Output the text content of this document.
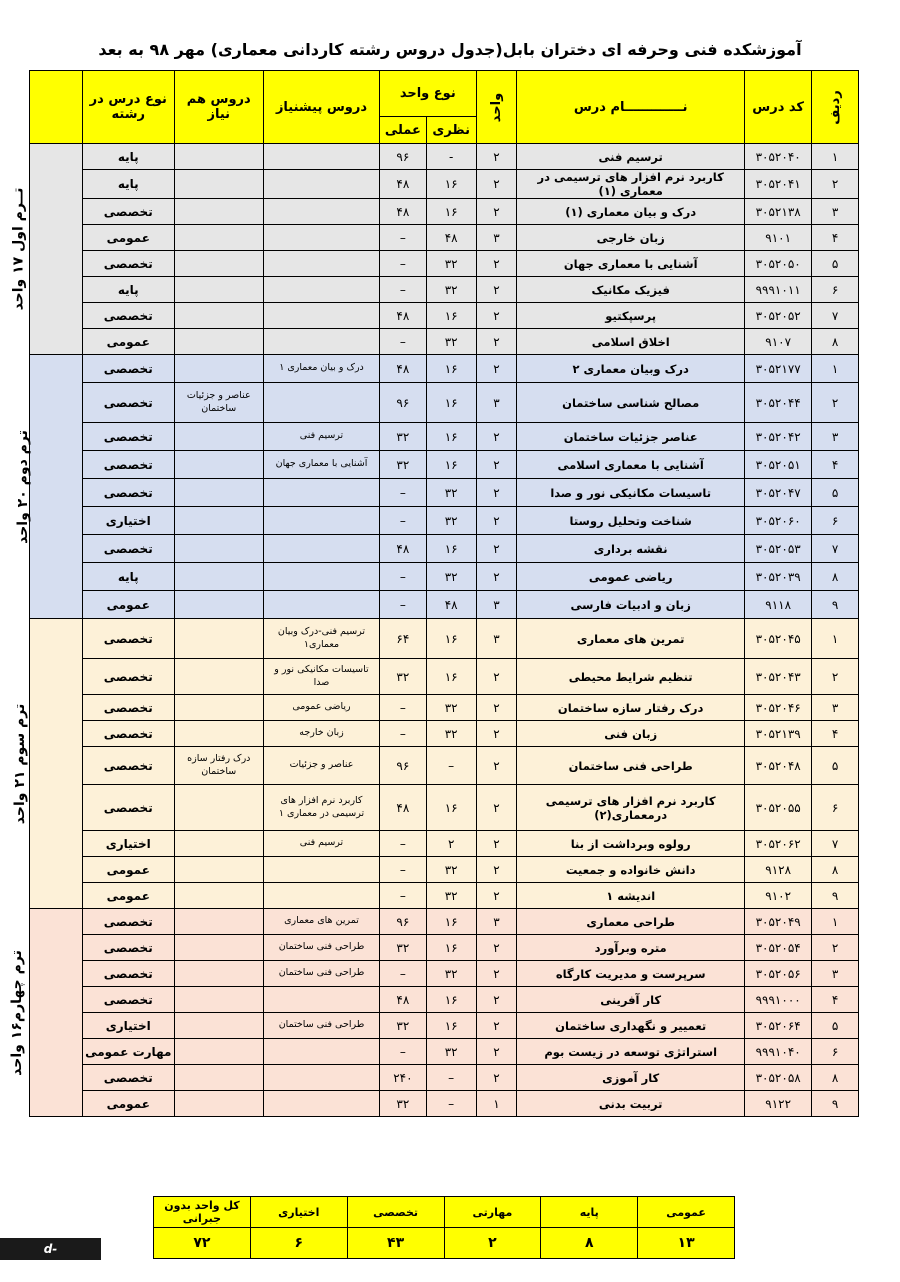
آموزشکده فنی وحرفه ای دختران بابل(جدول دروس رشته کاردانی معماری) مهر ۹۸ به بعد
ردیف	کد درس	نـــــــــــــام درس	واحد	نوع واحد		دروس پیشنیاز	دروس هم نیاز	نوع درس در رشته	
				نظری	عملی				
۱	۳۰۵۲۰۴۰	ترسیم فنی	۲	-	۹۶			پایه	تــرم اول ۱۷ واحد
۲	۳۰۵۲۰۴۱	کاربرد نرم افزار های ترسیمی در معماری (۱)	۲	۱۶	۴۸			پایه	
۳	۳۰۵۲۱۳۸	درک و بیان معماری (۱)	۲	۱۶	۴۸			تخصصی	
۴	۹۱۰۱	زبان خارجی	۳	۴۸	–			عمومی	
۵	۳۰۵۲۰۵۰	آشنایی با معماری جهان	۲	۳۲	–			تخصصی	
۶	۹۹۹۱۰۱۱	فیزیک مکانیک	۲	۳۲	–			پایه	
۷	۳۰۵۲۰۵۲	پرسپکتیو	۲	۱۶	۴۸			تخصصی	
۸	۹۱۰۷	اخلاق اسلامی	۲	۳۲	–			عمومی	
۱	۳۰۵۲۱۷۷	درک وبیان معماری ۲	۲	۱۶	۴۸	درک و بیان معماری ۱		تخصصی	ترم دوم ۲۰ واحد
۲	۳۰۵۲۰۴۴	مصالح شناسی ساختمان	۳	۱۶	۹۶		عناصر و جزئیات ساختمان	تخصصی	
۳	۳۰۵۲۰۴۲	عناصر جزئیات ساختمان	۲	۱۶	۳۲	ترسیم فنی		تخصصی	
۴	۳۰۵۲۰۵۱	آشنایی با معماری اسلامی	۲	۱۶	۳۲	آشنایی با معماری جهان		تخصصی	
۵	۳۰۵۲۰۴۷	تاسیسات مکانیکی نور و صدا	۲	۳۲	–			تخصصی	
۶	۳۰۵۲۰۶۰	شناخت وتحلیل روستا	۲	۳۲	–			اختیاری	
۷	۳۰۵۲۰۵۳	نقشه برداری	۲	۱۶	۴۸			تخصصی	
۸	۳۰۵۲۰۳۹	ریاضی عمومی	۲	۳۲	–			پایه	
۹	۹۱۱۸	زبان و ادبیات فارسی	۳	۴۸	–			عمومی	
۱	۳۰۵۲۰۴۵	تمرین های معماری	۳	۱۶	۶۴	ترسیم فنی-درک وبیان معماری۱		تخصصی	ترم سوم ۲۱ واحد
۲	۳۰۵۲۰۴۳	تنظیم شرایط محیطی	۲	۱۶	۳۲	تاسیسات مکانیکی نور و صدا		تخصصی	
۳	۳۰۵۲۰۴۶	درک رفتار سازه ساختمان	۲	۳۲	–	ریاضی عمومی		تخصصی	
۴	۳۰۵۲۱۳۹	زبان فنی	۲	۳۲	–	زبان خارجه		تخصصی	
۵	۳۰۵۲۰۴۸	طراحی فنی ساختمان	۲	–	۹۶	عناصر و جزئیات	درک رفتار سازه ساختمان	تخصصی	
۶	۳۰۵۲۰۵۵	کاربرد نرم افزار های ترسیمی درمعماری(۲)	۲	۱۶	۴۸	کاربرد نرم افزار های ترسیمی در معماری ۱		تخصصی	
۷	۳۰۵۲۰۶۲	رولوه وبرداشت از بنا	۲	۲	–	ترسیم فنی		اختیاری	
۸	۹۱۲۸	دانش خانواده و جمعیت	۲	۳۲	–			عمومی	
۹	۹۱۰۲	اندیشه ۱	۲	۳۲	–			عمومی	
۱	۳۰۵۲۰۴۹	طراحی معماری	۳	۱۶	۹۶	تمرین های معماری		تخصصی	ترم چهارم۱۶ واحد
۲	۳۰۵۲۰۵۴	متره وبرآورد	۲	۱۶	۳۲	طراحی فنی ساختمان		تخصصی	
۳	۳۰۵۲۰۵۶	سرپرست و مدیریت کارگاه	۲	۳۲	–	طراحی فنی ساختمان		تخصصی	
۴	۹۹۹۱۰۰۰	کار آفرینی	۲	۱۶	۴۸			تخصصی	
۵	۳۰۵۲۰۶۴	تعمییر و نگهداری ساختمان	۲	۱۶	۳۲	طراحی فنی ساختمان		اختیاری	
۶	۹۹۹۱۰۴۰	استراتژی توسعه در زیست بوم	۲	۳۲	–			مهارت عمومی	
۸	۳۰۵۲۰۵۸	کار آموزی	۲	–	۲۴۰			تخصصی	
۹	۹۱۲۲	تربیت بدنی	۱	–	۳۲			عمومی	
عمومی	پایه	مهارتی	تخصصی	اختیاری	کل واحد بدون جبرانی
۱۳	۸	۲	۴۳	۶	۷۲
d-babol.nus.ac.ir
